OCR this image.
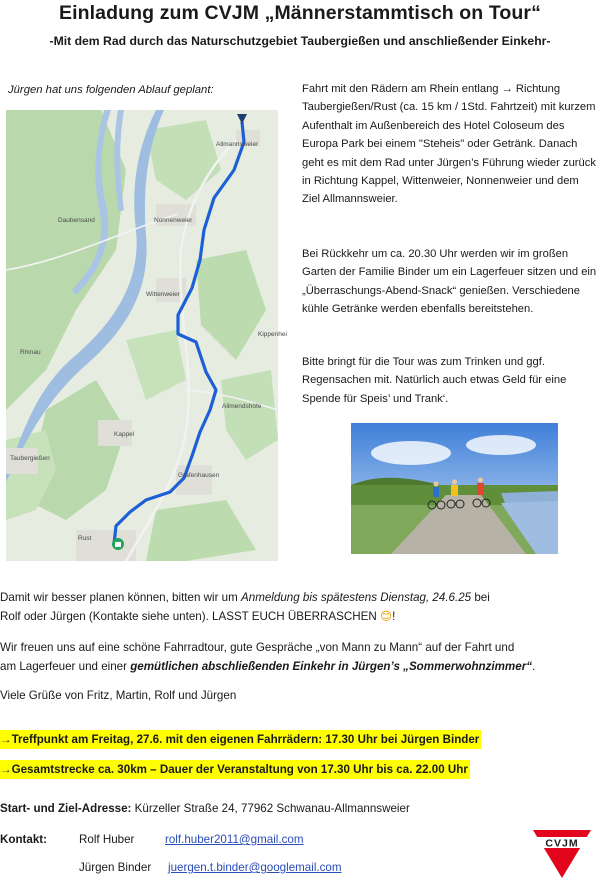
Einladung zum CVJM „Männerstammtisch on Tour“
-Mit dem Rad durch das Naturschutzgebiet Taubergießen und anschließender Einkehr-
Jürgen hat uns folgenden Ablauf geplant:
Allmannsweier
Daubensand	Nonnenweier
Wittenweier
Rhinau
Kippenhei
Allmendshöfe
Kappel
Taubergießen
Grafenhausen
Rust

Fahrt mit den Rädern am Rhein entlang → Richtung Taubergießen/Rust (ca. 15 km / 1Std. Fahrtzeit) mit kurzem Aufenthalt im Außenbereich des Hotel Coloseum des Europa Park bei einem "Steheis" oder Getränk. Danach geht es mit dem Rad unter Jürgen’s Führung wieder zurück in Richtung Kappel, Wittenweier, Nonnenweier und dem Ziel Allmannsweier.

Bei Rückkehr um ca. 20.30 Uhr werden wir im großen Garten der Familie Binder um ein Lagerfeuer sitzen und ein „Überraschungs-Abend-Snack“ genießen. Verschiedene kühle Getränke werden ebenfalls bereitstehen.

Bitte bringt für die Tour was zum Trinken und ggf. Regensachen mit. Natürlich auch etwas Geld für eine Spende für Speis’ und Trank‘.

Damit wir besser planen können, bitten wir um Anmeldung bis spätestens Dienstag, 24.6.25 bei

Rolf oder Jürgen (Kontakte siehe unten). LASST EUCH ÜBERRASCHEN 😊!

Wir freuen uns auf eine schöne Fahrradtour, gute Gespräche „von Mann zu Mann“ auf der Fahrt und

am Lagerfeuer und einer gemütlichen abschließenden Einkehr in Jürgen’s „Sommerwohnzimmer“.

Viele Grüße von Fritz, Martin, Rolf und Jürgen
→Treffpunkt am Freitag, 27.6. mit den eigenen Fahrrädern: 17.30 Uhr bei Jürgen Binder
→Gesamtstrecke ca. 30km – Dauer der Veranstaltung von 17.30 Uhr bis ca. 22.00 Uhr
Start- und Ziel-Adresse: Kürzeller Straße 24, 77962 Schwanau-Allmannsweier
Kontakt:	Rolf Huber	rolf.huber2011@gmail.com
Jürgen Binder juergen.t.binder@googlemail.com
CVJM
